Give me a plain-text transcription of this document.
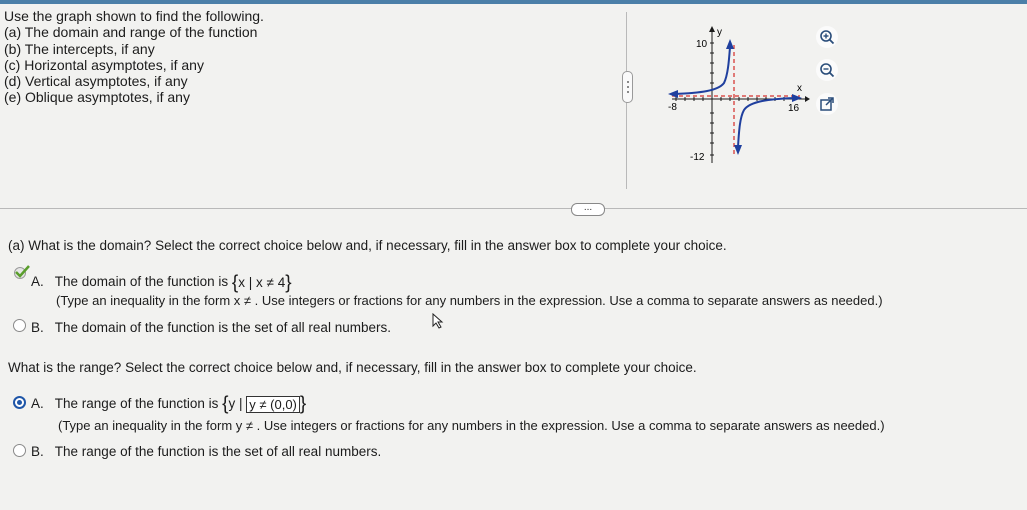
Use the graph shown to find the following.
(a) The domain and range of the function
(b) The intercepts, if any
(c) Horizontal asymptotes, if any
(d) Vertical asymptotes, if any
(e) Oblique asymptotes, if any
y
x
10
-12
-8	16
...
(a) What is the domain? Select the correct choice below and, if necessary, fill in the answer box to complete your choice.
A. The domain of the function is {x | x ≠ 4}
(Type an inequality in the form x ≠ . Use integers or fractions for any numbers in the expression. Use a comma to separate answers as needed.)
B. The domain of the function is the set of all real numbers.
What is the range? Select the correct choice below and, if necessary, fill in the answer box to complete your choice.
A. The range of the function is {y | y ≠ (0,0) }
(Type an inequality in the form y ≠ . Use integers or fractions for any numbers in the expression. Use a comma to separate answers as needed.)
B. The range of the function is the set of all real numbers.
